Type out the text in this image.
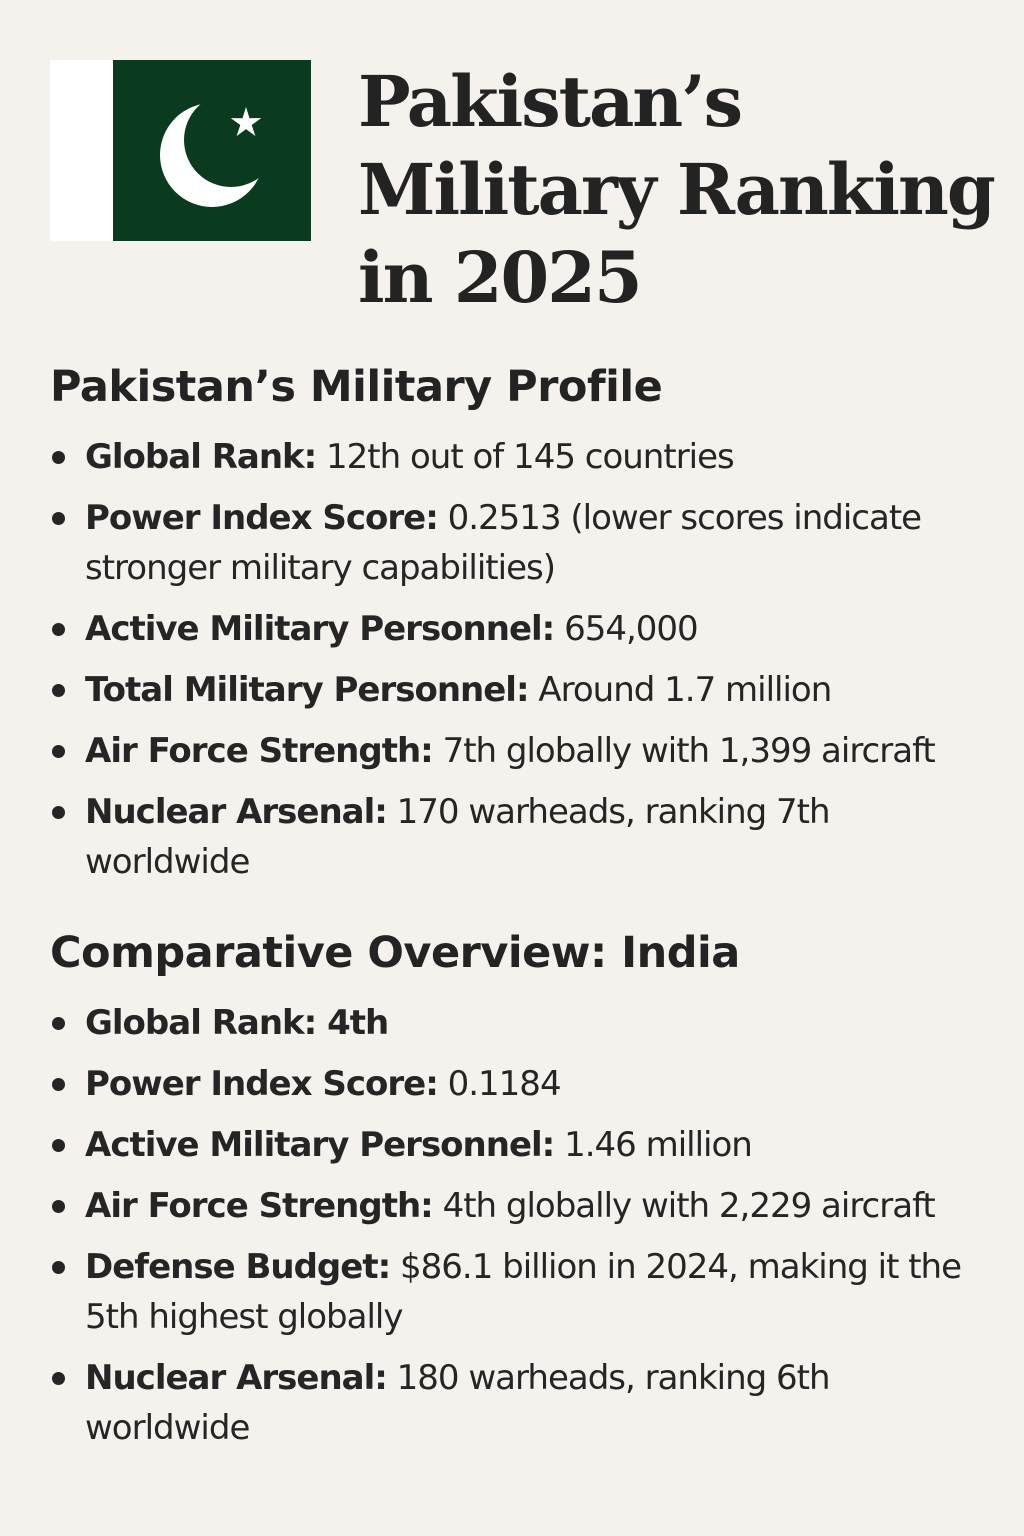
Pakistan’s
Military Ranking
in 2025
Pakistan’s Military Profile
Global Rank: 12th out of 145 countries
Power Index Score: 0.2513 (lower scores indicate stronger military capabilities)
Active Military Personnel: 654,000
Total Military Personnel: Around 1.7 million
Air Force Strength: 7th globally with 1,399 aircraft
Nuclear Arsenal: 170 warheads, ranking 7th worldwide
Comparative Overview: India
Global Rank: 4th
Power Index Score: 0.1184
Active Military Personnel: 1.46 million
Air Force Strength: 4th globally with 2,229 aircraft
Defense Budget: $86.1 billion in 2024, making it the 5th highest globally
Nuclear Arsenal: 180 warheads, ranking 6th worldwide
